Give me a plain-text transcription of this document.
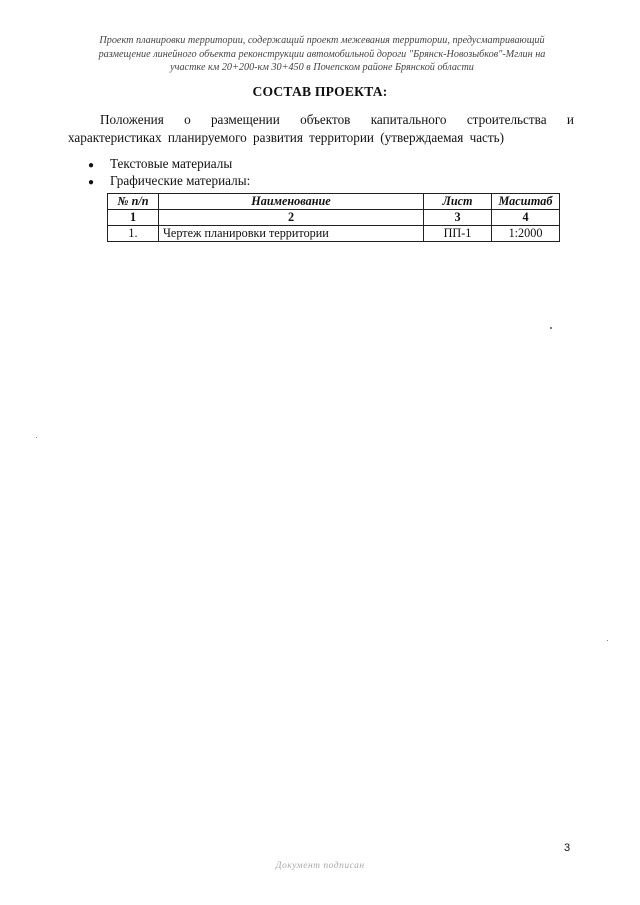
Проект планировки территории, содержащий проект межевания территории, предусматривающий
размещение линейного объекта реконструкции автомобильной дороги "Брянск-Новозыбков"-Мглин на
участке км 20+200-км 30+450 в Почепском районе Брянской области
СОСТАВ ПРОЕКТА:
Положения о размещении объектов капитального строительства и
характеристиках планируемого развития территории (утверждаемая часть)
●	Текстовые материалы
●	Графические материалы:
№ п/п	Наименование	Лист	Масштаб
1	2	3	4
1.	Чертеж планировки территории	ПП-1	1:2000
3
Документ подписан
